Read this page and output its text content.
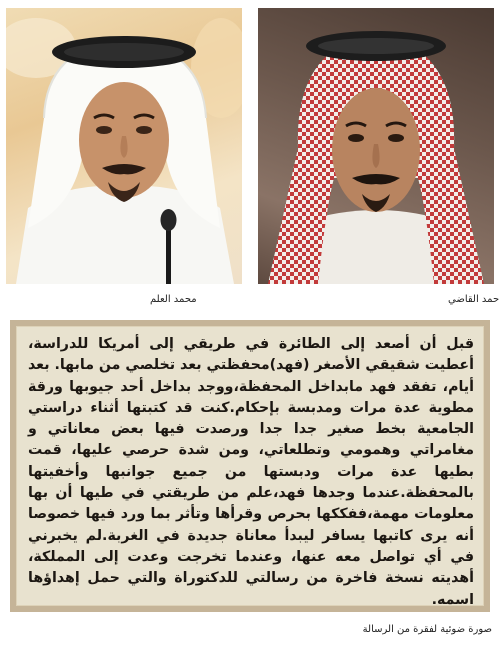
محمد العلم	حمد القاضي

قبل أن أصعد إلى الطائرة في طريقي إلى أمريكا للدراسة، أعطيت شقيقي الأصغر (فهد)محفظتي بعد تخلصي من مابها. بعد أيام، تفقد فهد مابداخل المحفظة،ووجد بداخل أحد جيوبها ورقة مطوية عدة مرات ومدبسة بإحكام.كنت قد كتبتها أثناء دراستي الجامعية بخط صغير جدا جدا ورصدت فيها بعض معاناتي و مغامراتي وهمومي وتطلعاتي، ومن شدة حرصي عليها، قمت بطيها عدة مرات ودبستها من جميع جوانبها وأخفيتها بالمحفظة.عندما وجدها فهد،علم من طريقتي في طيها أن بها معلومات مهمة،ففككها بحرص وقرأها وتأثر بما ورد فيها خصوصا أنه يرى كاتبها يسافر ليبدأ معاناة جديدة في الغربة.لم يخبرني في أي تواصل معه عنها، وعندما تخرجت وعدت إلى المملكة، أهديته نسخة فاخرة من رسالتي للدكتوراة والتي حمل إهداؤها اسمه.

صورة ضوئية لفقرة من الرسالة
